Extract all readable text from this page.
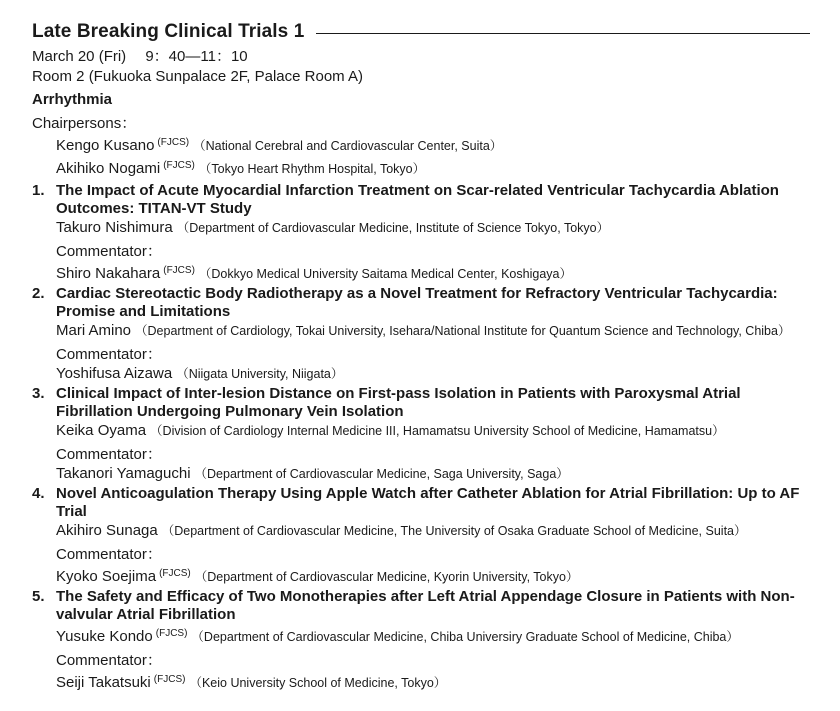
Late Breaking Clinical Trials 1
March 20 (Fri)　 9：40—11：10
Room 2 (Fukuoka Sunpalace 2F, Palace Room A)
Arrhythmia
Chairpersons：
Kengo Kusano $^{(FJCS)}$ （National Cerebral and Cardiovascular Center, Suita）
Akihiko Nogami $^{(FJCS)}$ （Tokyo Heart Rhythm Hospital, Tokyo）
1. The Impact of Acute Myocardial Infarction Treatment on Scar-related Ventricular Tachycardia Ablation Outcomes: TITAN-VT Study
Takuro Nishimura （Department of Cardiovascular Medicine, Institute of Science Tokyo, Tokyo）
Commentator：
Shiro Nakahara $^{(FJCS)}$ （Dokkyo Medical University Saitama Medical Center, Koshigaya）
2. Cardiac Stereotactic Body Radiotherapy as a Novel Treatment for Refractory Ventricular Tachycardia: Promise and Limitations
Mari Amino （Department of Cardiology, Tokai University, Isehara/National Institute for Quantum Science and Technology, Chiba）
Commentator：
Yoshifusa Aizawa （Niigata University, Niigata）
3. Clinical Impact of Inter-lesion Distance on First-pass Isolation in Patients with Paroxysmal Atrial Fibrillation Undergoing Pulmonary Vein Isolation
Keika Oyama （Division of Cardiology Internal Medicine III, Hamamatsu University School of Medicine, Hamamatsu）
Commentator：
Takanori Yamaguchi （Department of Cardiovascular Medicine, Saga University, Saga）
4. Novel Anticoagulation Therapy Using Apple Watch after Catheter Ablation for Atrial Fibrillation: Up to AF Trial
Akihiro Sunaga （Department of Cardiovascular Medicine, The University of Osaka Graduate School of Medicine, Suita）
Commentator：
Kyoko Soejima $^{(FJCS)}$ （Department of Cardiovascular Medicine, Kyorin University, Tokyo）
5. The Safety and Efficacy of Two Monotherapies after Left Atrial Appendage Closure in Patients with Non-valvular Atrial Fibrillation
Yusuke Kondo $^{(FJCS)}$ （Department of Cardiovascular Medicine, Chiba Universiry Graduate School of Medicine, Chiba）
Commentator：
Seiji Takatsuki $^{(FJCS)}$ （Keio University School of Medicine, Tokyo）
